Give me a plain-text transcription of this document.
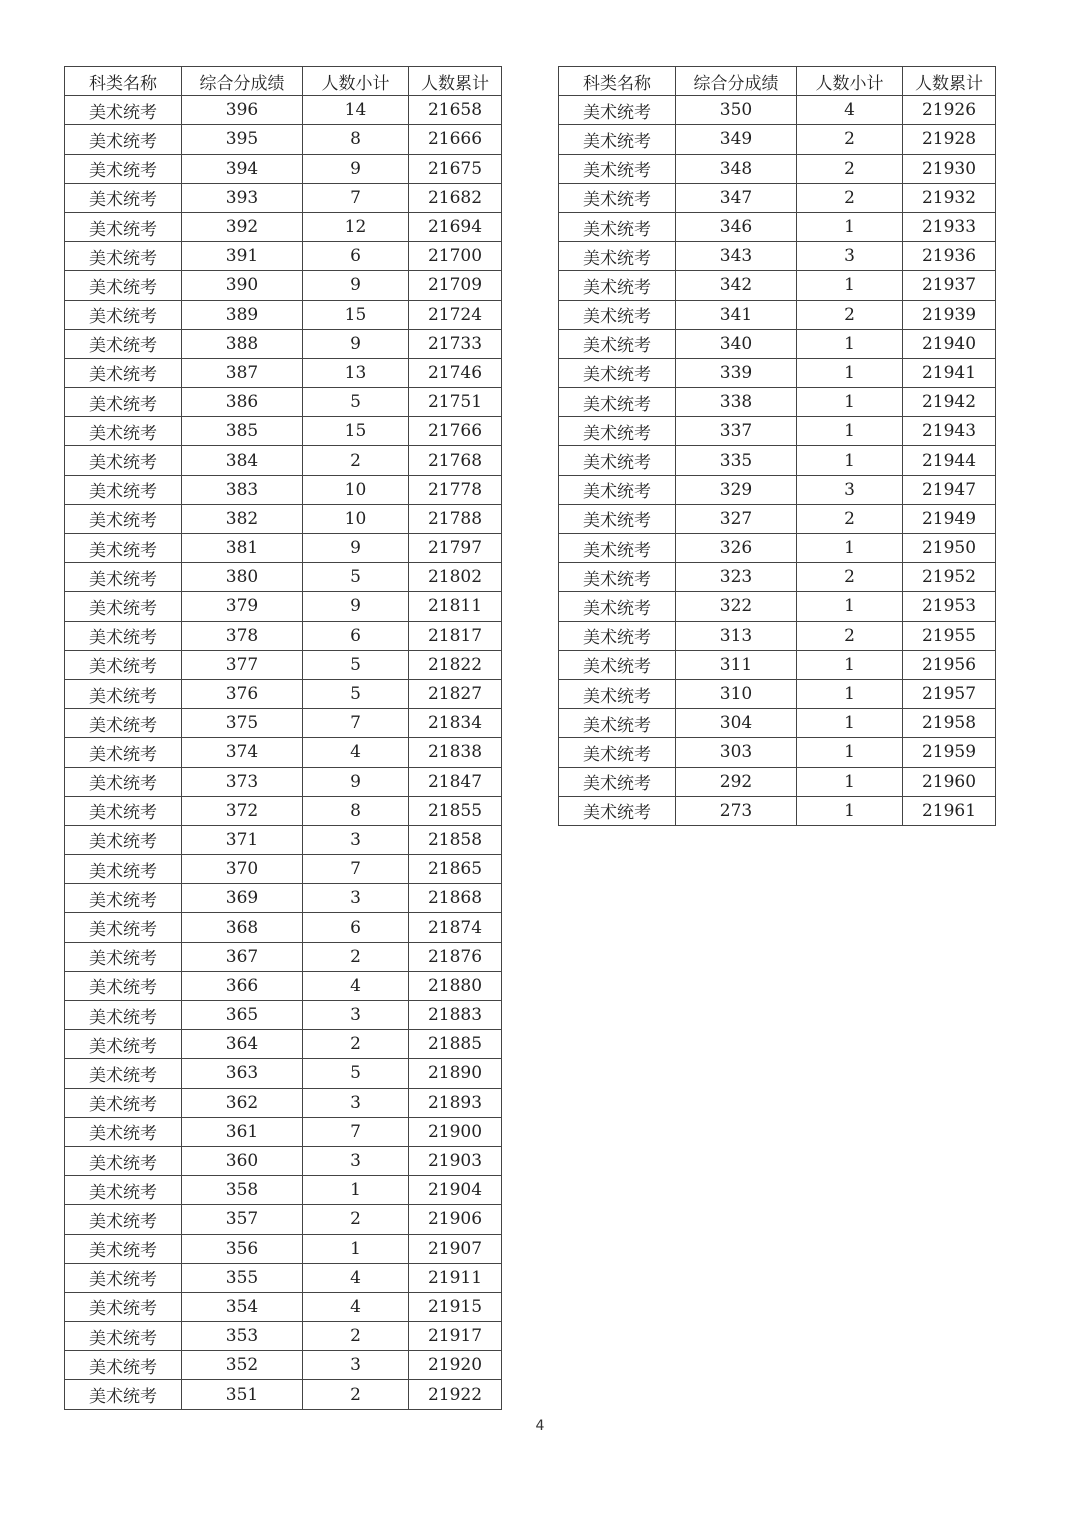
科类名称	综合分成绩	人数小计	人数累计
美术统考	396	14	21658
美术统考	395	8	21666
美术统考	394	9	21675
美术统考	393	7	21682
美术统考	392	12	21694
美术统考	391	6	21700
美术统考	390	9	21709
美术统考	389	15	21724
美术统考	388	9	21733
美术统考	387	13	21746
美术统考	386	5	21751
美术统考	385	15	21766
美术统考	384	2	21768
美术统考	383	10	21778
美术统考	382	10	21788
美术统考	381	9	21797
美术统考	380	5	21802
美术统考	379	9	21811
美术统考	378	6	21817
美术统考	377	5	21822
美术统考	376	5	21827
美术统考	375	7	21834
美术统考	374	4	21838
美术统考	373	9	21847
美术统考	372	8	21855
美术统考	371	3	21858
美术统考	370	7	21865
美术统考	369	3	21868
美术统考	368	6	21874
美术统考	367	2	21876
美术统考	366	4	21880
美术统考	365	3	21883
美术统考	364	2	21885
美术统考	363	5	21890
美术统考	362	3	21893
美术统考	361	7	21900
美术统考	360	3	21903
美术统考	358	1	21904
美术统考	357	2	21906
美术统考	356	1	21907
美术统考	355	4	21911
美术统考	354	4	21915
美术统考	353	2	21917
美术统考	352	3	21920
美术统考	351	2	21922
科类名称	综合分成绩	人数小计	人数累计
美术统考	350	4	21926
美术统考	349	2	21928
美术统考	348	2	21930
美术统考	347	2	21932
美术统考	346	1	21933
美术统考	343	3	21936
美术统考	342	1	21937
美术统考	341	2	21939
美术统考	340	1	21940
美术统考	339	1	21941
美术统考	338	1	21942
美术统考	337	1	21943
美术统考	335	1	21944
美术统考	329	3	21947
美术统考	327	2	21949
美术统考	326	1	21950
美术统考	323	2	21952
美术统考	322	1	21953
美术统考	313	2	21955
美术统考	311	1	21956
美术统考	310	1	21957
美术统考	304	1	21958
美术统考	303	1	21959
美术统考	292	1	21960
美术统考	273	1	21961
4
